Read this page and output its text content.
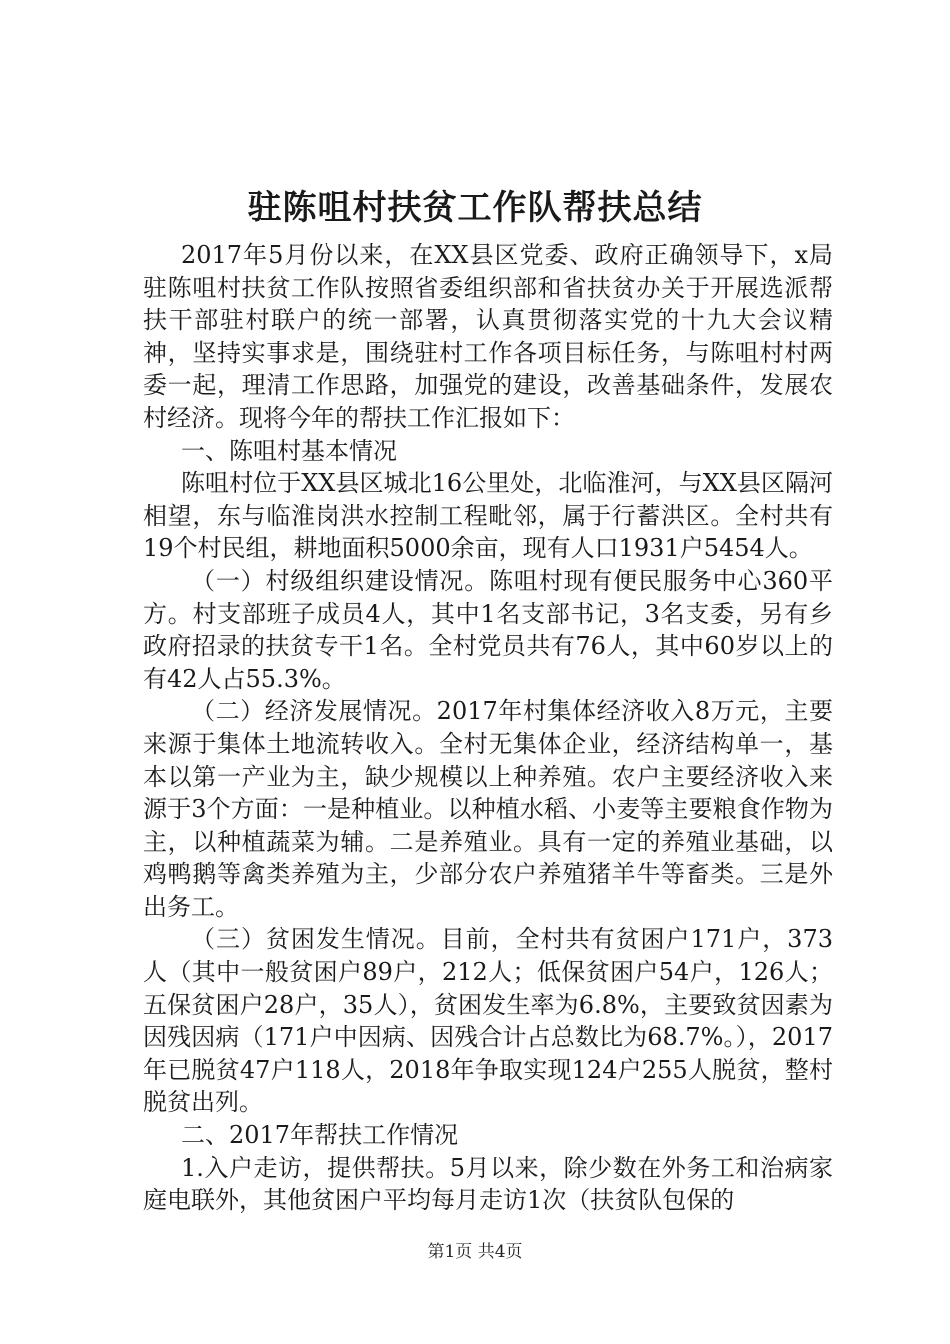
驻陈咀村扶贫工作队帮扶总结

2017年5月份以来，在XX县区党委、政府正确领导下，x局驻陈咀村扶贫工作队按照省委组织部和省扶贫办关于开展选派帮扶干部驻村联户的统一部署，认真贯彻落实党的十九大会议精神，坚持实事求是，围绕驻村工作各项目标任务，与陈咀村村两委一起，理清工作思路，加强党的建设，改善基础条件，发展农村经济。现将今年的帮扶工作汇报如下：

一、陈咀村基本情况

陈咀村位于XX县区城北16公里处，北临淮河，与XX县区隔河相望，东与临淮岗洪水控制工程毗邻，属于行蓄洪区。全村共有19个村民组，耕地面积5000余亩，现有人口1931户5454人。

（一）村级组织建设情况。陈咀村现有便民服务中心360平方。村支部班子成员4人，其中1名支部书记，3名支委，另有乡政府招录的扶贫专干1名。全村党员共有76人，其中60岁以上的有42人占55.3%。

（二）经济发展情况。2017年村集体经济收入8万元，主要来源于集体土地流转收入。全村无集体企业，经济结构单一，基本以第一产业为主，缺少规模以上种养殖。农户主要经济收入来源于3个方面：一是种植业。以种植水稻、小麦等主要粮食作物为主，以种植蔬菜为辅。二是养殖业。具有一定的养殖业基础，以鸡鸭鹅等禽类养殖为主，少部分农户养殖猪羊牛等畜类。三是外出务工。

（三）贫困发生情况。目前，全村共有贫困户171户，373人（其中一般贫困户89户，212人；低保贫困户54户，126人；五保贫困户28户，35人），贫困发生率为6.8%，主要致贫因素为因残因病（171户中因病、因残合计占总数比为68.7%。），2017年已脱贫47户118人，2018年争取实现124户255人脱贫，整村脱贫出列。

二、2017年帮扶工作情况

1.入户走访，提供帮扶。5月以来，除少数在外务工和治病家庭电联外，其他贫困户平均每月走访1次（扶贫队包保的

第1页 共4页
